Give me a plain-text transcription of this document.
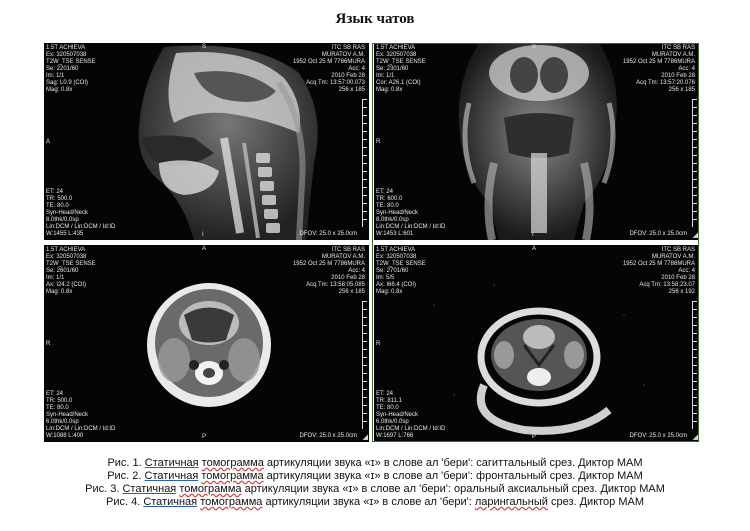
Язык чатов
1.5T ACHIEVA
Ex: 320507038
T2W_TSE SENSE
Se: 2201/60
Im: 1/1
Sag: L0.9 (COI)
ITC SB RAS
MURATOV A.M.
1952 Oct 25 M 7786MURA
Acc: 4
2010 Feb 28
Acq Tm: 13:57:00.073
Mag: 0.8x	256 x 185
S
A
I
ET: 24
TR: 500.0
TE: 80.0
Syn-Head/Neck
8.0thk/0.0sp
Lin:DCM / Lin:DCM / Id:ID
W:1455 L:435	DFOV: 25.0 x 25.0cm
1.5T ACHIEVA
Ex: 320507038
T2W_TSE SENSE
Se: 2301/60
Im: 1/1
Cor: A26.1 (COI)
ITC SB RAS
MURATOV A.M.
1952 Oct 25 M 7786MURA
Acc: 4
2010 Feb 28
Acq Tm: 13:57:20.076
Mag: 0.8x	256 x 185
S
R
I
ET: 24
TR: 600.0
TE: 80.0
Syn-Head/Neck
8.0thk/0.0sp
Lin:DCM / Lin:DCM / Id:ID
W:1453 L:601	DFOV: 25.0 x 25.0cm ◢
1.5T ACHIEVA
Ex: 320507038
T2W_TSE SENSE
Se: 2601/60
Im: 1/1
Ax: I24.2 (COI)
ITC SB RAS
MURATOV A.M.
1952 Oct 25 M 7786MURA
Acc: 4
2010 Feb 28
Acq Tm: 13:58:05.085
Mag: 0.8x	256 x 185
A
R
P
ET: 24
TR: 500.0
TE: 80.0
Syn-Head/Neck
6.0thk/0.0sp
Lin:DCM / Lin:DCM / Id:ID
W:1088 L:400	DFOV: 25.0 x 25.0cm ◢
1.5T ACHIEVA
Ex: 320507038
T2W_TSE SENSE
Se: 2701/60
Im: 5/5
Ax: I66.4 (COI)
ITC SB RAS
MURATOV A.M.
1952 Oct 25 M 7786MURA
Acc: 4
2010 Feb 28
Acq Tm: 13:58:23.07
Mag: 0.8x	256 x 192
A
R
P
ET: 24
TR: 811.1
TE: 80.0
Syn-Head/Neck
6.0thk/0.0sp
Lin:DCM / Lin:DCM / Id:ID
W:1697 L:766	DFOV: 25.0 x 25.0cm ◢
Рис. 1. Статичная томограмма артикуляции звука «ɪ» в слове ал 'бери': сагиттальный срез. Диктор МАМ
Рис. 2. Статичная томограмма артикуляции звука «ɪ» в слове ал 'бери': фронтальный срез. Диктор МАМ
Рис. 3. Статичная томограмма артикуляции звука «ɪ» в слове ал 'бери': оральный аксиальный срез. Диктор МАМ
Рис. 4. Статичная томограмма артикуляции звука «ɪ» в слове ал 'бери': ларингальный срез. Диктор МАМ
